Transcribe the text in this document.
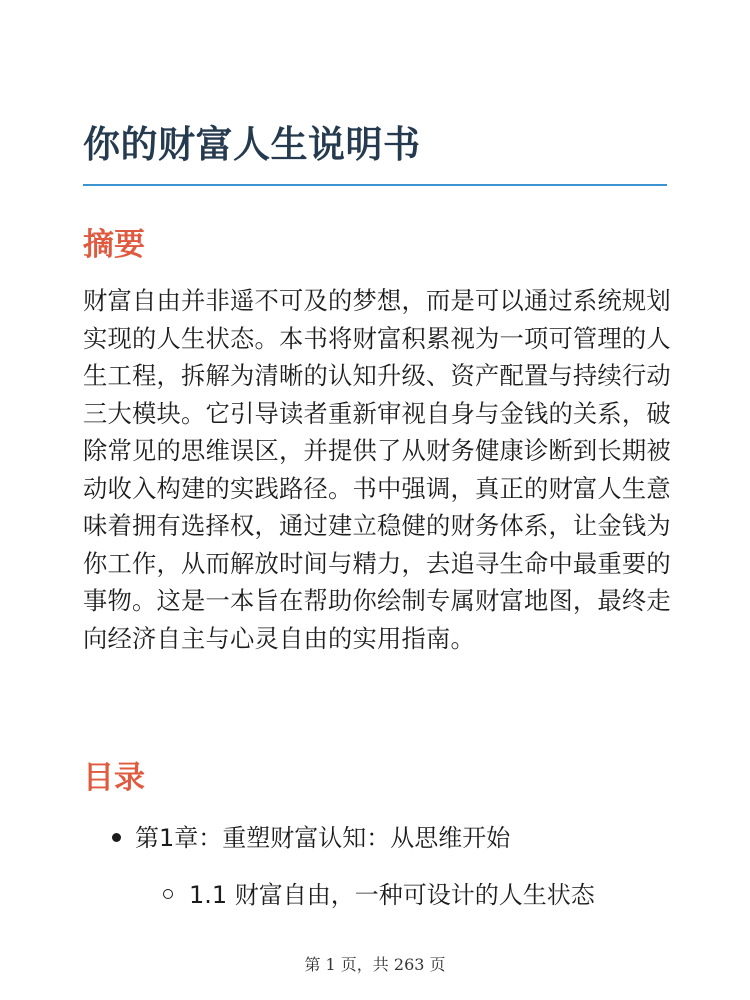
你的财富人生说明书
摘要

财富自由并非遥不可及的梦想，而是可以通过系统规划实现的人生状态。本书将财富积累视为一项可管理的人生工程，拆解为清晰的认知升级、资产配置与持续行动三大模块。它引导读者重新审视自身与金钱的关系，破除常见的思维误区，并提供了从财务健康诊断到长期被动收入构建的实践路径。书中强调，真正的财富人生意味着拥有选择权，通过建立稳健的财务体系，让金钱为你工作，从而解放时间与精力，去追寻生命中最重要的事物。这是一本旨在帮助你绘制专属财富地图，最终走向经济自主与心灵自由的实用指南。

目录
第1章：重塑财富认知：从思维开始
1.1 财富自由，一种可设计的人生状态
第 1 页，共 263 页
